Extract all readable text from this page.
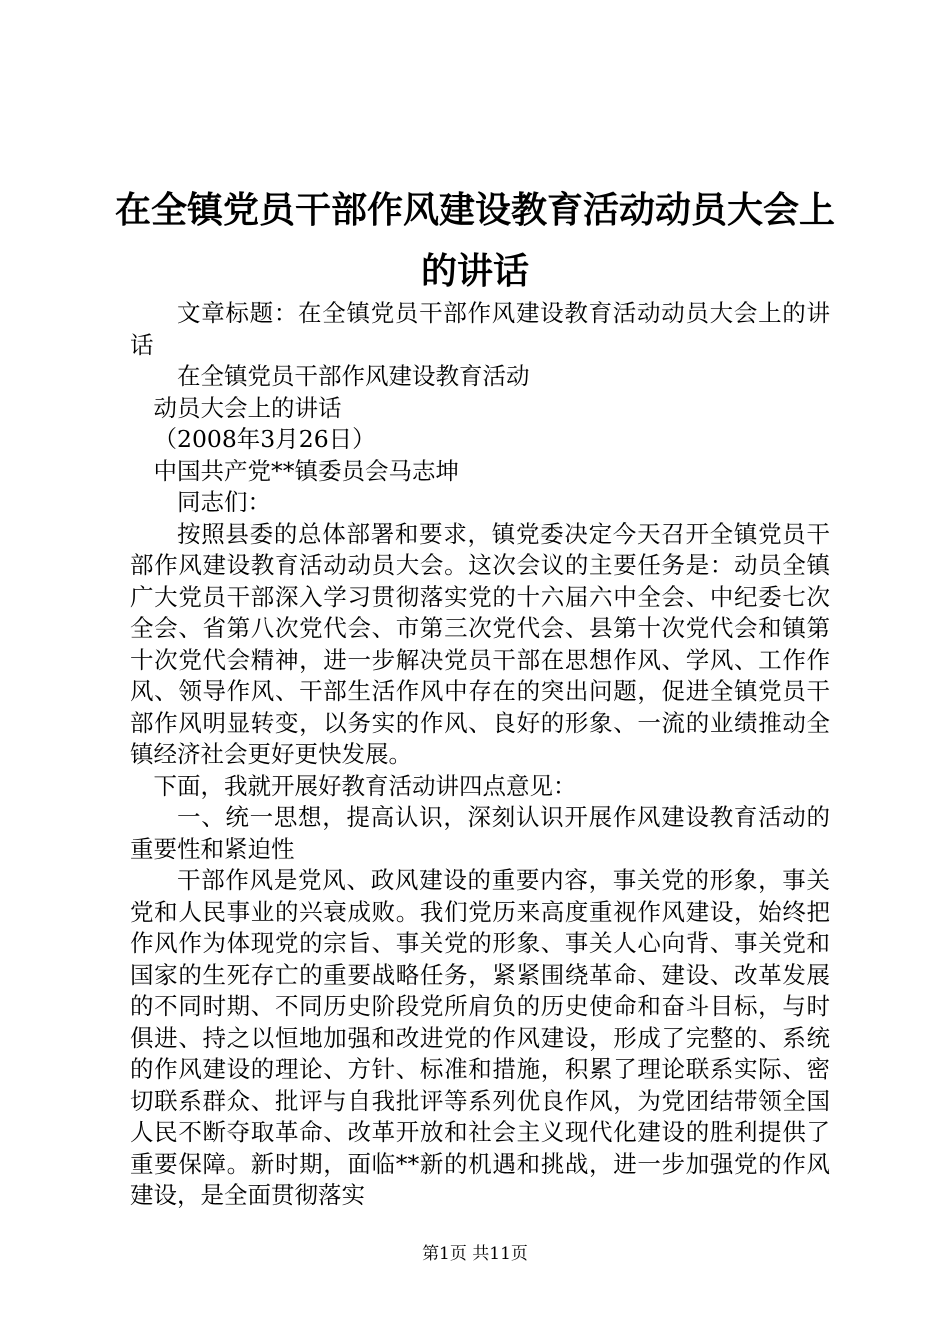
在全镇党员干部作风建设教育活动动员大会上
的讲话

文章标题：在全镇党员干部作风建设教育活动动员大会上的讲话

在全镇党员干部作风建设教育活动

动员大会上的讲话

（2008年3月26日）

中国共产党**镇委员会马志坤

同志们：

按照县委的总体部署和要求，镇党委决定今天召开全镇党员干部作风建设教育活动动员大会。这次会议的主要任务是：动员全镇广大党员干部深入学习贯彻落实党的十六届六中全会、中纪委七次全会、省第八次党代会、市第三次党代会、县第十次党代会和镇第十次党代会精神，进一步解决党员干部在思想作风、学风、工作作风、领导作风、干部生活作风中存在的突出问题，促进全镇党员干部作风明显转变，以务实的作风、良好的形象、一流的业绩推动全镇经济社会更好更快发展。

下面，我就开展好教育活动讲四点意见：

一、统一思想，提高认识，深刻认识开展作风建设教育活动的重要性和紧迫性

干部作风是党风、政风建设的重要内容，事关党的形象，事关党和人民事业的兴衰成败。我们党历来高度重视作风建设，始终把作风作为体现党的宗旨、事关党的形象、事关人心向背、事关党和国家的生死存亡的重要战略任务，紧紧围绕革命、建设、改革发展的不同时期、不同历史阶段党所肩负的历史使命和奋斗目标，与时俱进、持之以恒地加强和改进党的作风建设，形成了完整的、系统的作风建设的理论、方针、标准和措施，积累了理论联系实际、密切联系群众、批评与自我批评等系列优良作风，为党团结带领全国人民不断夺取革命、改革开放和社会主义现代化建设的胜利提供了重要保障。新时期，面临**新的机遇和挑战，进一步加强党的作风建设，是全面贯彻落实

第1页 共11页
